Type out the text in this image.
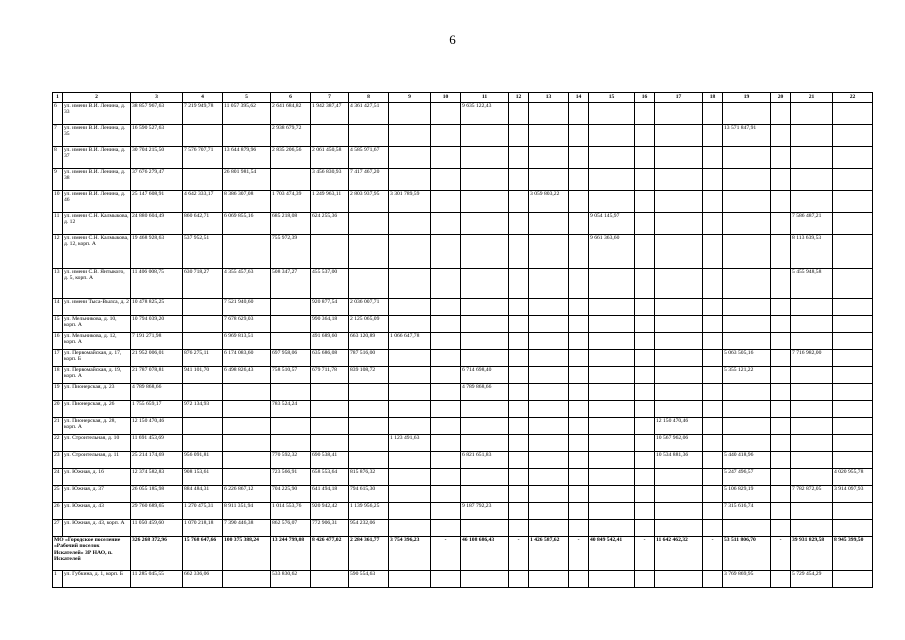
6
1	2	3	4	5	6	7	8	9	10	11	12	13	14	15	16	17	18	19	20	21	22
6	ул. имени В.И. Ленина, д. 33	38 857 967,63	7 219 949,78	11 057 395,62	2 641 684,82	1 942 387,47	4 361 427,51			9 635 122,43											
7	ул. имени В.И. Ленина, д. 35	16 590 527,63			2 938 679,72													13 571 847,91			
8	ул. имени В.И. Ленина, д. 37	30 704 215,50	7 576 707,71	13 644 879,96	2 835 206,56	2 061 450,58	4 585 971,67														
9	ул. имени В.И. Ленина, д. 38	37 676 279,47		26 801 981,54		3 456 830,93	7 417 467,20														
10	ул. имени В.И. Ленина, д. 46	25 147 608,91	4 642 333,17	8 386 307,08	1 703 474,39	1 249 963,11	2 803 937,95	3 301 789,59				3 059 803,22									
11	ул. имени С.Н. Калмыкова, д. 12	24 880 604,49	860 642,71	6 069 855,16	685 218,08	624 255,36								9 054 145,97						7 586 487,21	
12	ул. имени С.Н. Калмыкова, д. 12, корп. А	19 468 928,63	537 952,51		755 972,39									9 661 363,60						8 113 639,53	
13	ул. имени С.В. Янтыкого, д. 5, корп. А	11 406 008,75	630 718,27	4 355 457,63	508 347,27	455 537,00														5 455 948,58	
14	ул. имени Тыса-Вылса, д. 2	10 478 825,25		7 521 940,60		920 877,54	2 036 007,71														
15	ул. Мельникова, д. 10, корп. А	10 794 039,20		7 678 629,03		990 364,18	2 125 065,09														
16	ул. Мельникова, д. 12, корп. А	7 191 271,98		6 969 813,51		491 689,60	663 120,89	1 066 647,78													
17	ул. Первомайская, д. 17, корп. Б	21 952 006,01	876 275,11	6 174 083,60	697 958,06	635 686,08	787 516,00											5 063 505,16		7 716 982,00	
18	ул. Первомайская, д. 19, корп. А	21 787 078,81	941 101,70	6 498 826,43	758 510,57	679 711,78	839 108,72			6 714 698,40								5 355 121,22			
19	ул. Пионерская, д. 23	4 789 868,66								4 789 868,66											
20	ул. Пионерская, д. 26	1 755 659,17	972 134,93		783 524,24																
21	ул. Пионерская, д. 28, корп. А	12 150 470,46														12 150 470,46					
22	ул. Строительная, д. 10	11 691 453,69						1 123 491,63								10 567 962,06					
23	ул. Строительная, д. 11	25 214 174,69	956 091,81		770 592,32	690 538,41				6 821 651,83						10 534 881,36		5 440 418,96			
24	ул. Южная, д. 16	12 374 582,83	908 153,61		723 566,91	658 553,64	815 876,32											5 247 496,57			4 020 955,78
25	ул. Южная, д. 37	26 055 185,98	884 484,31	6 226 867,12	704 225,90	641 494,18	794 615,30											5 106 829,19		7 782 872,05	3 914 097,93
26	ул. Южная, д. 43	29 760 689,65	1 270 475,31	8 911 351,94	1 014 553,76	920 942,42	1 139 956,25			9 187 792,23								7 315 616,74			
27	ул. Южная, д. 43, корп. А	11 050 459,60	1 070 218,18	7 390 446,38	862 576,07	772 906,31	954 232,06														
МО «Городское поселение «Рабочий поселок Искателей» ЗР НАО, п. Искателей		326 268 372,96	15 768 647,66	100 375 388,24	13 244 799,08	8 426 477,02	2 284 361,77	3 754 396,23	-	46 108 686,43	-	1 426 587,62	-	40 849 542,41	-	11 642 462,32	-	53 511 806,70	-	39 931 829,58	8 945 399,50
1	ул. Губкина, д. 1, корп. Б	11 285 045,55	662 336,06		533 830,62		590 554,63											3 769 869,95		5 729 454,29	
